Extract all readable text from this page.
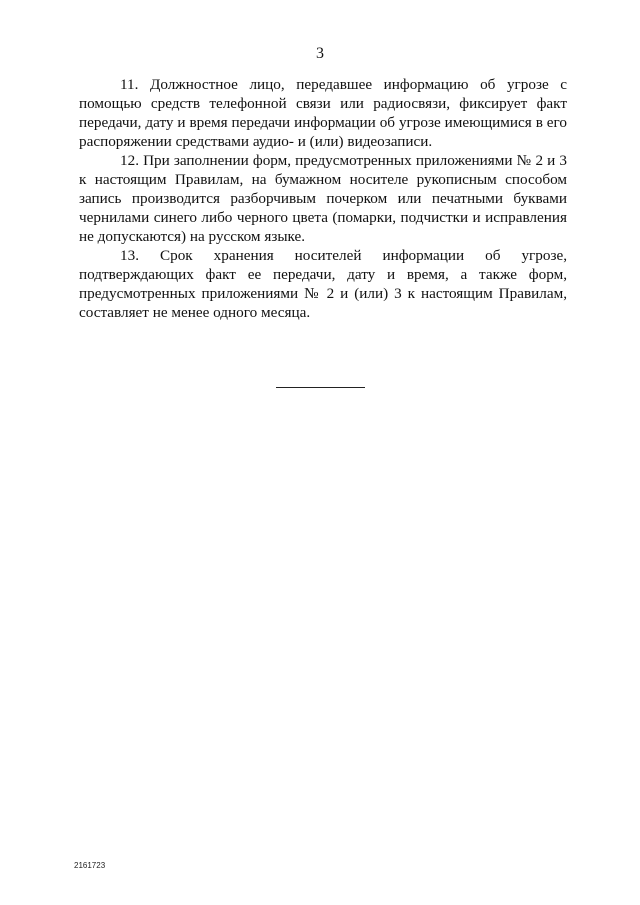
3

11. Должностное лицо, передавшее информацию об угрозе с помощью средств телефонной связи или радиосвязи, фиксирует факт передачи, дату и время передачи информации об угрозе имеющимися в его распоряжении средствами аудио- и (или) видеозаписи.

12. При заполнении форм, предусмотренных приложениями № 2 и 3 к настоящим Правилам, на бумажном носителе рукописным способом запись производится разборчивым почерком или печатными буквами чернилами синего либо черного цвета (помарки, подчистки и исправления не допускаются) на русском языке.

13. Срок хранения носителей информации об угрозе, подтверждающих факт ее передачи, дату и время, а также форм, предусмотренных приложениями № 2 и (или) 3 к настоящим Правилам, составляет не менее одного месяца.

2161723
